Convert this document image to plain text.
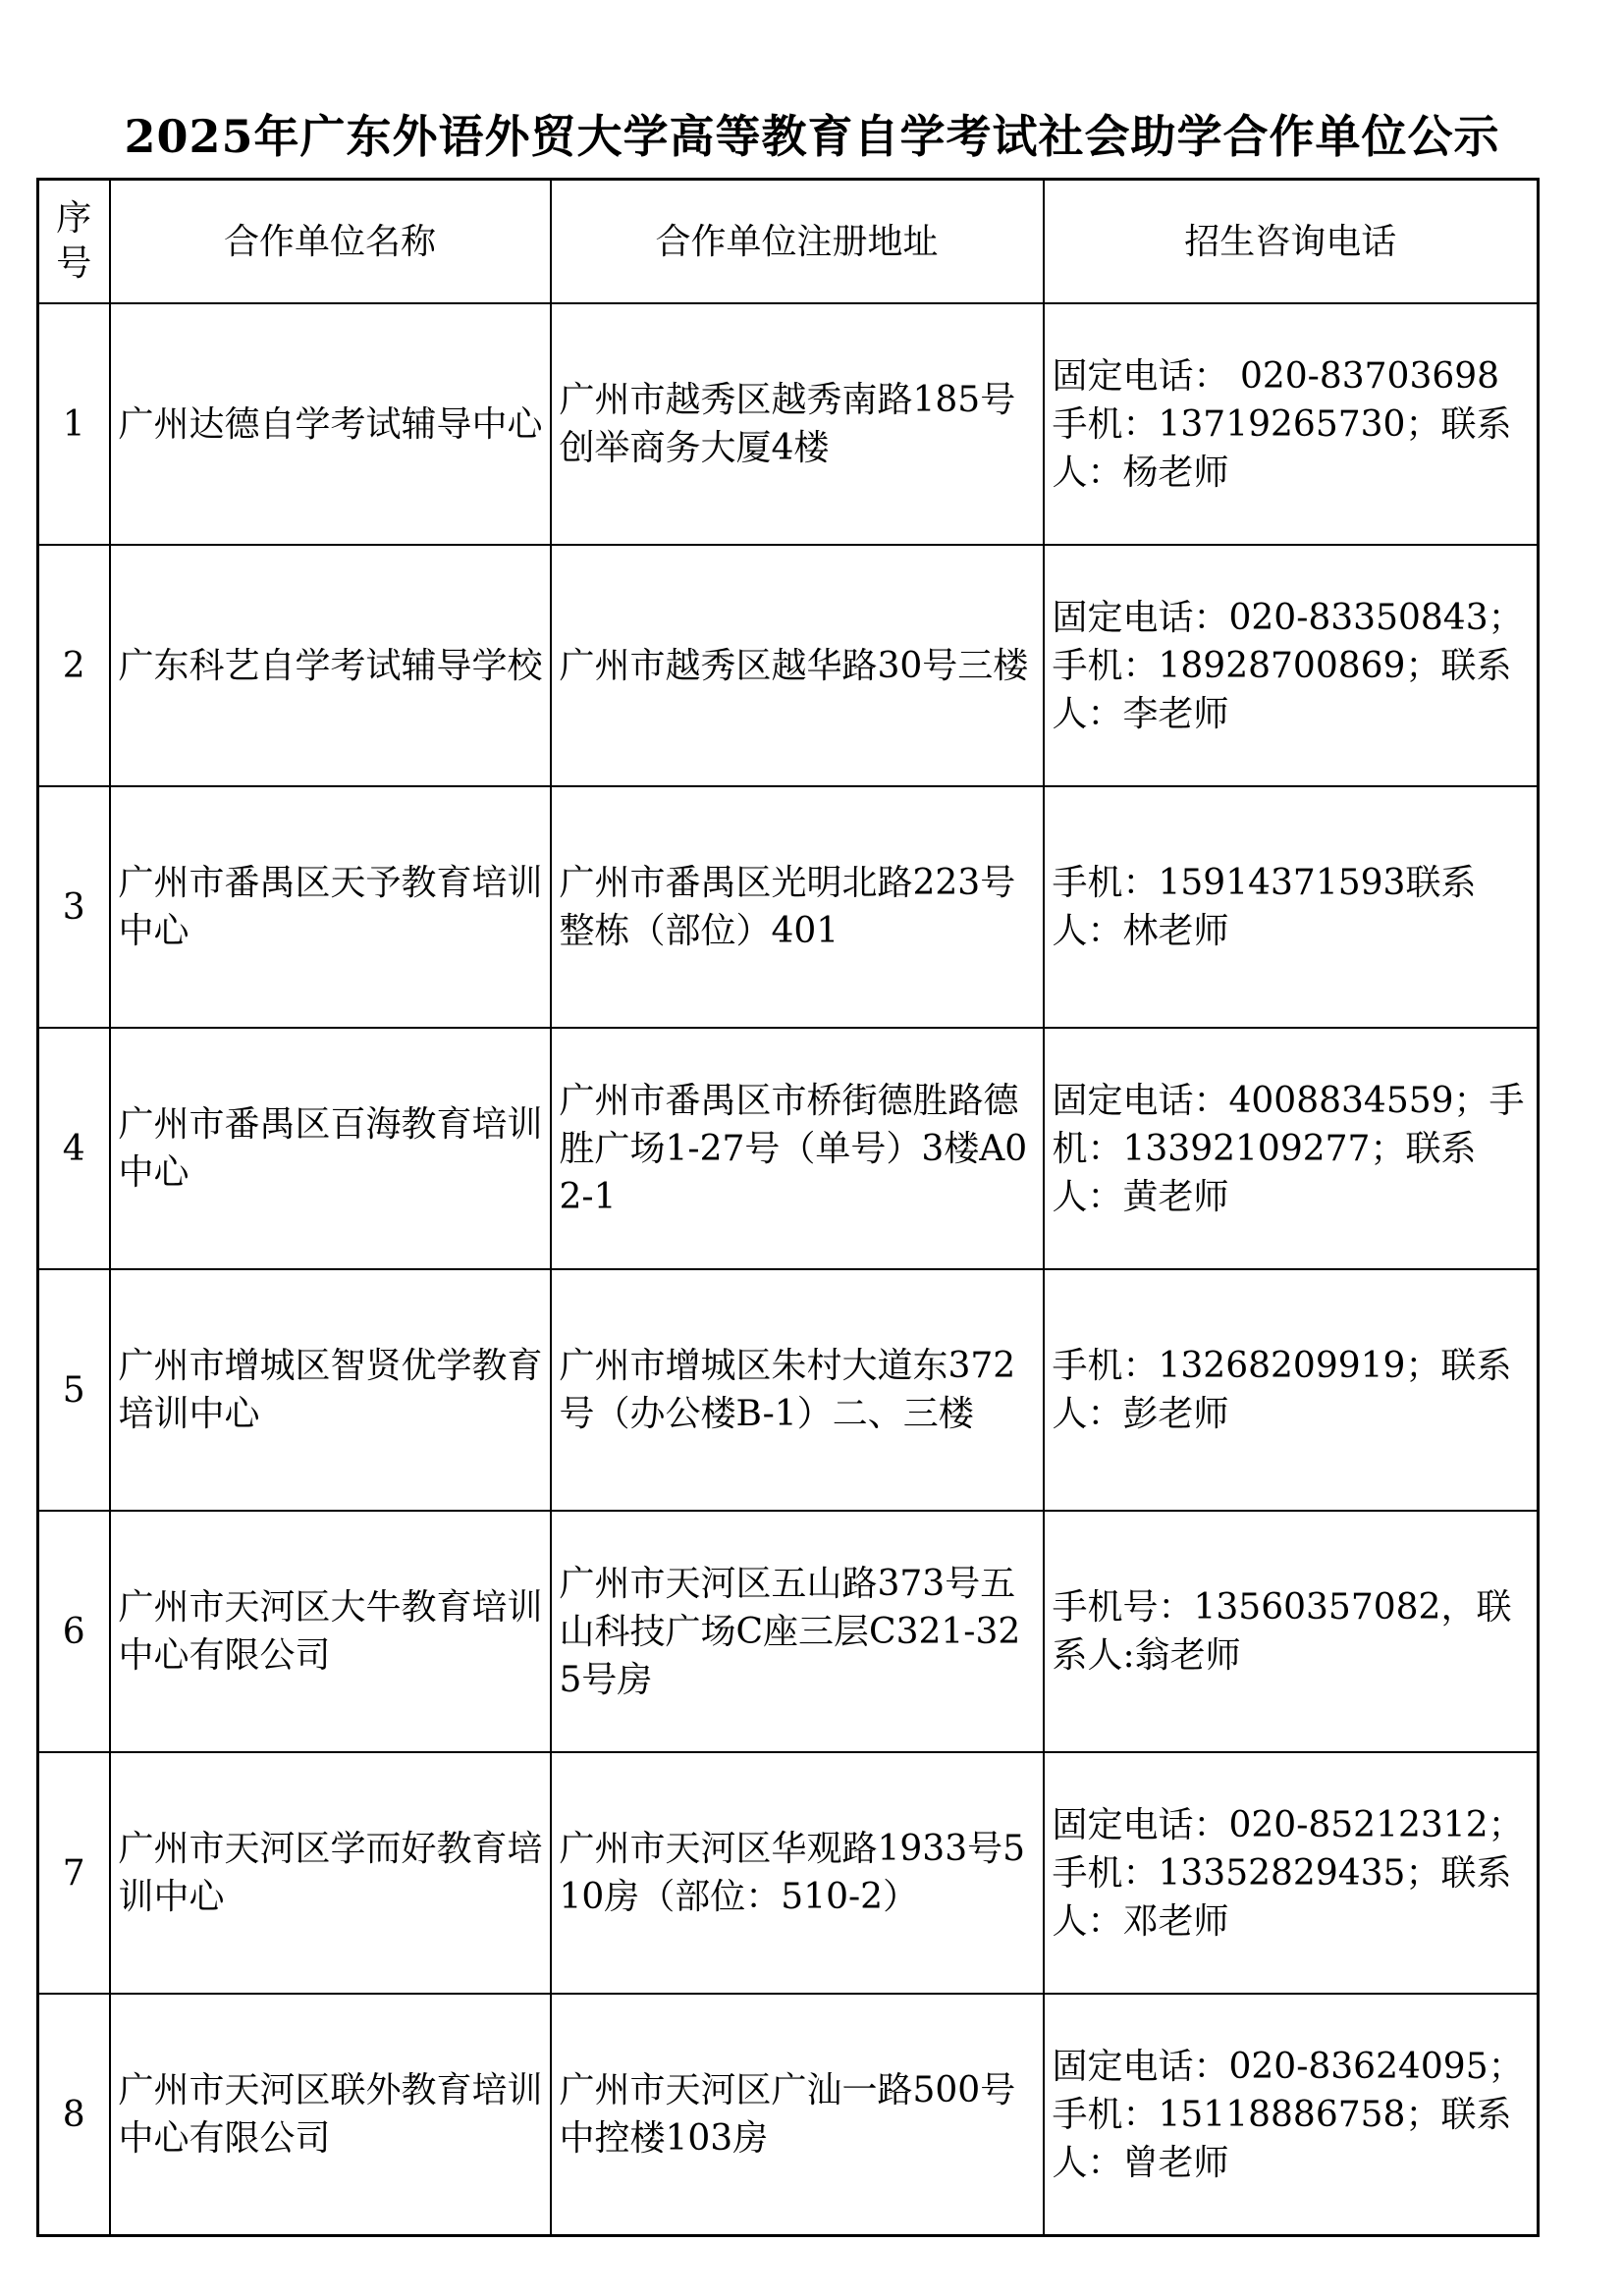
2025年广东外语外贸大学高等教育自学考试社会助学合作单位公示
序号	合作单位名称	合作单位注册地址	招生咨询电话
1	广州达德自学考试辅导中心	广州市越秀区越秀南路185号创举商务大厦4楼	固定电话： 020-83703698 手机：13719265730；联系人：杨老师
2	广东科艺自学考试辅导学校	广州市越秀区越华路30号三楼	固定电话：020-83350843；手机：18928700869；联系人：李老师
3	广州市番禺区天予教育培训中心	广州市番禺区光明北路223号整栋（部位）401	手机：15914371593联系人：林老师
4	广州市番禺区百海教育培训中心	广州市番禺区市桥街德胜路德胜广场1-27号（单号）3楼A02-1	固定电话：4008834559；手机：13392109277；联系人：黄老师
5	广州市增城区智贤优学教育培训中心	广州市增城区朱村大道东372号（办公楼B-1）二、三楼	手机：13268209919；联系人：彭老师
6	广州市天河区大牛教育培训中心有限公司	广州市天河区五山路373号五山科技广场C座三层C321-325号房	手机号：13560357082，联系人:翁老师
7	广州市天河区学而好教育培训中心	广州市天河区华观路1933号510房（部位：510-2）	固定电话：020-85212312；手机：13352829435；联系人：邓老师
8	广州市天河区联外教育培训中心有限公司	广州市天河区广汕一路500号中控楼103房	固定电话：020-83624095；手机：15118886758；联系人：曾老师
